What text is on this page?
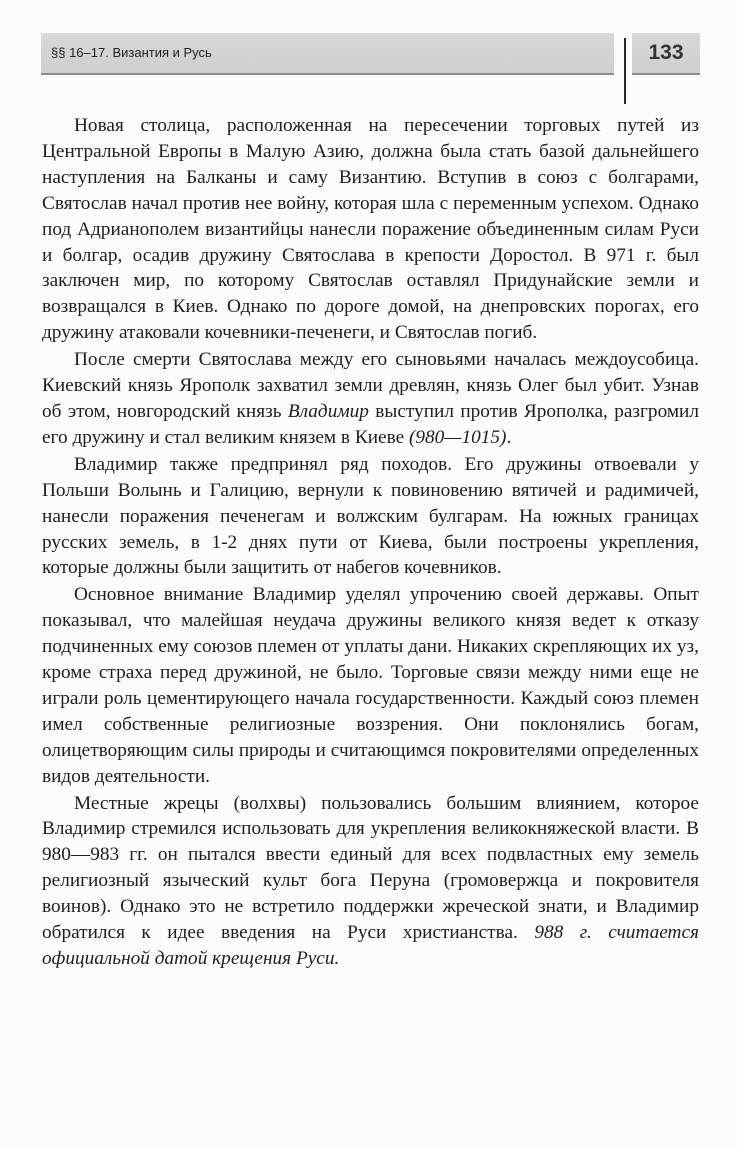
§§ 16–17. Византия и Русь	133

Новая столица, расположенная на пересечении торговых путей из Центральной Европы в Малую Азию, должна была стать базой дальнейшего наступления на Балканы и саму Византию. Вступив в союз с болгарами, Святослав начал против нее войну, которая шла с переменным успехом. Однако под Адрианополем византийцы нанесли поражение объединенным силам Руси и болгар, осадив дружину Святослава в крепости Доростол. В 971 г. был заключен мир, по которому Святослав оставлял Придунайские земли и возвращался в Киев. Однако по дороге домой, на днепровских порогах, его дружину атаковали кочевники-печенеги, и Святослав погиб.

После смерти Святослава между его сыновьями началась междоусобица. Киевский князь Ярополк захватил земли древлян, князь Олег был убит. Узнав об этом, новгородский князь Владимир выступил против Ярополка, разгромил его дружину и стал великим князем в Киеве (980—1015).

Владимир также предпринял ряд походов. Его дружины отвоевали у Польши Волынь и Галицию, вернули к повиновению вятичей и радимичей, нанесли поражения печенегам и волжским булгарам. На южных границах русских земель, в 1-2 днях пути от Киева, были построены укрепления, которые должны были защитить от набегов кочевников.

Основное внимание Владимир уделял упрочению своей державы. Опыт показывал, что малейшая неудача дружины великого князя ведет к отказу подчиненных ему союзов племен от уплаты дани. Никаких скрепляющих их уз, кроме страха перед дружиной, не было. Торговые связи между ними еще не играли роль цементирующего начала государственности. Каждый союз племен имел собственные религиозные воззрения. Они поклонялись богам, олицетворяющим силы природы и считающимся покровителями определенных видов деятельности.

Местные жрецы (волхвы) пользовались большим влиянием, которое Владимир стремился использовать для укрепления великокняжеской власти. В 980—983 гг. он пытался ввести единый для всех подвластных ему земель религиозный языческий культ бога Перуна (громовержца и покровителя воинов). Однако это не встретило поддержки жреческой знати, и Владимир обратился к идее введения на Руси христианства. 988 г. считается официальной датой крещения Руси.
